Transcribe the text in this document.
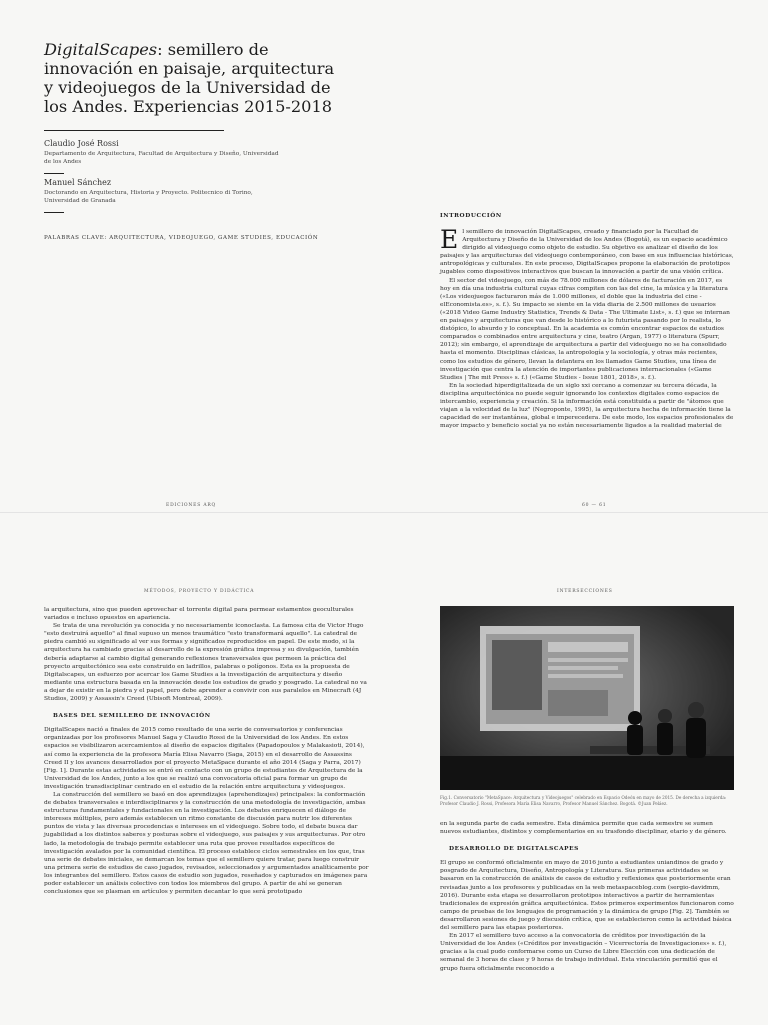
DigitalScapes: semillero de innovación en paisaje, arquitectura y videojuegos de la Universidad de los Andes. Experiencias 2015-2018

Claudio José Rossi

Departamento de Arquitectura, Facultad de Arquitectura y Diseño, Universidad de los Andes

Manuel Sánchez

Doctorando en Arquitectura, Historia y Proyecto. Politecnico di Torino, Universidad de Granada

PALABRAS CLAVE: ARQUITECTURA, VIDEOJUEGO, GAME STUDIES, EDUCACIÓN

INTRODUCCIÓN

El semillero de innovación DigitalScapes, creado y financiado por la Facultad de Arquitectura y Diseño de la Universidad de los Andes (Bogotá), es un espacio académico dirigido al videojuego como objeto de estudio. Su objetivo es analizar el diseño de los paisajes y las arquitecturas del videojuego contemporáneo, con base en sus influencias históricas, antropológicas y culturales. En este proceso, DigitalScapes propone la elaboración de prototipos jugables como dispositivos interactivos que buscan la innovación a partir de una visión crítica.

El sector del videojuego, con más de 78.000 millones de dólares de facturación en 2017, es hoy en día una industria cultural cuyas cifras compiten con las del cine, la música y la literatura («Los videojuegos facturaron más de 1.000 millones, el doble que la industria del cine - elEconomista.es», s. f.). Su impacto se siente en la vida diaria de 2.500 millones de usuarios («2018 Video Game Industry Statistics, Trends & Data - The Ultimate List», s. f.) que se internan en paisajes y arquitecturas que van desde lo histórico a lo futurista pasando por lo realista, lo distópico, lo absurdo y lo conceptual. En la academia es común encontrar espacios de estudios comparados o combinados entre arquitectura y cine, teatro (Argan, 1977) o literatura (Spurr, 2012); sin embargo, el aprendizaje de arquitectura a partir del videojuego no se ha consolidado hasta el momento. Disciplinas clásicas, la antropología y la sociología, y otras más recientes, como los estudios de género, llevan la delantera en los llamados Game Studies, una línea de investigación que centra la atención de importantes publicaciones internacionales («Game Studies | The mit Press» s. f.) («Game Studies - Issue 1801, 2018», s. f.).

En la sociedad hiperdigitalizada de un siglo xxi cercano a comenzar su tercera década, la disciplina arquitectónica no puede seguir ignorando los contextos digitales como espacios de intercambio, experiencia y creación. Si la información está constituida a partir de "átomos que viajan a la velocidad de la luz" (Negroponte, 1995), la arquitectura hecha de información tiene la capacidad de ser instantánea, global e imperecedera. De este modo, los espacios profesionales de mayor impacto y beneficio social ya no están necesariamente ligados a la realidad material de

EDICIONES ARQ	60 — 61

MÉTODOS, PROYECTO Y DIDÁCTICA	INTERSECCIONES

la arquitectura, sino que pueden aprovechar el torrente digital para permear estamentos geoculturales variados e incluso opuestos en apariencia.

Se trata de una revolución ya conocida y no necesariamente iconoclasta. La famosa cita de Victor Hugo "esto destruirá aquello" al final supuso un menos traumático "esto transformará aquello". La catedral de piedra cambió su significado al ver sus formas y significados reproducidos en papel. De este modo, si la arquitectura ha cambiado gracias al desarrollo de la expresión gráfica impresa y su divulgación, también debería adaptarse al cambio digital generando reflexiones transversales que permeen la práctica del proyecto arquitectónico sea este construido en ladrillos, palabras o polígonos. Esta es la propuesta de Digitalscapes, un esfuerzo por acercar los Game Studies a la investigación de arquitectura y diseño mediante una estructura basada en la innovación desde los estudios de grado y posgrado. La catedral no va a dejar de existir en la piedra y el papel, pero debe aprender a convivir con sus paralelos en Minecraft (4J Studios, 2009) y Assassin's Creed (Ubisoft Montreal, 2009).

BASES DEL SEMILLERO DE INNOVACIÓN

DigitalScapes nació a finales de 2015 como resultado de una serie de conversatorios y conferencias organizadas por los profesores Manuel Saga y Claudio Rossi de la Universidad de los Andes. En estos espacios se visibilizaron acercamientos al diseño de espacios digitales (Papadopoulos y Malakasioti, 2014), así como la experiencia de la profesora María Elisa Navarro (Saga, 2015) en el desarrollo de Assassins Creed II y los avances desarrollados por el proyecto MetaSpace durante el año 2014 (Saga y Parra, 2017) [Fig. 1]. Durante estas actividades se entró en contacto con un grupo de estudiantes de Arquitectura de la Universidad de los Andes, junto a los que se realizó una convocatoria oficial para formar un grupo de investigación transdisciplinar centrado en el estudio de la relación entre arquitectura y videojuegos.

La construcción del semillero se basó en dos aprendizajes (aprehendizajes) principales: la conformación de debates transversales e interdisciplinares y la construcción de una metodología de investigación, ambas estructuras fundamentales y fundacionales en la investigación. Los debates enriquecen el diálogo de intereses múltiples, pero además establecen un ritmo constante de discusión para nutrir los diferentes puntos de vista y las diversas procedencias e intereses en el videojuego. Sobre todo, el debate busca dar jugabilidad a los distintos saberes y posturas sobre el videojuego, sus paisajes y sus arquitecturas. Por otro lado, la metodología de trabajo permite establecer una ruta que provee resultados específicos de investigación avalados por la comunidad científica. El proceso establece ciclos semestrales en los que, tras una serie de debates iniciales, se demarcan los temas que el semillero quiere tratar, para luego construir una primera serie de estudios de caso jugados, revisados, seleccionados y argumentados analíticamente por los integrantes del semillero. Estos casos de estudio son jugados, reseñados y capturados en imágenes para poder establecer un análisis colectivo con todos los miembros del grupo. A partir de ahí se generan conclusiones que se plasman en artículos y permiten decantar lo que será prototipado

Fig.1. Conversatorio "MetaSpace: Arquitectura y Videojuegos" celebrado en Espacio Odeón en mayo de 2015. De derecha a izquierda: Profesor Claudio J. Rossi, Profesora María Elisa Navarro, Profesor Manuel Sánchez. Bogotá. ©Juan Peláez.

en la segunda parte de cada semestre. Esta dinámica permite que cada semestre se sumen nuevos estudiantes, distintos y complementarios en su trasfondo disciplinar, etario y de género.

DESARROLLO DE DIGITALSCAPES

El grupo se conformó oficialmente en mayo de 2016 junto a estudiantes uniandinos de grado y posgrado de Arquitectura, Diseño, Antropología y Literatura. Sus primeras actividades se basaron en la construcción de análisis de casos de estudio y reflexiones que posteriormente eran revisadas junto a los profesores y publicadas en la web metaspaceblog.com (sergio-davidmm, 2016). Durante esta etapa se desarrollaron prototipos interactivos a partir de herramientas tradicionales de expresión gráfica arquitectónica. Estos primeros experimentos funcionaron como campo de pruebas de los lenguajes de programación y la dinámica de grupo [Fig. 2]. También se desarrollaron sesiones de juego y discusión crítica, que se establecieron como la actividad básica del semillero para las etapas posteriores.

En 2017 el semillero tuvo acceso a la convocatoria de créditos por investigación de la Universidad de los Andes («Créditos por investigación – Vicerrectoría de Investigaciones» s. f.), gracias a la cual pudo conformarse como un Curso de Libre Elección con una dedicación de semanal de 3 horas de clase y 9 horas de trabajo individual. Esta vinculación permitió que el grupo fuera oficialmente reconocido a
